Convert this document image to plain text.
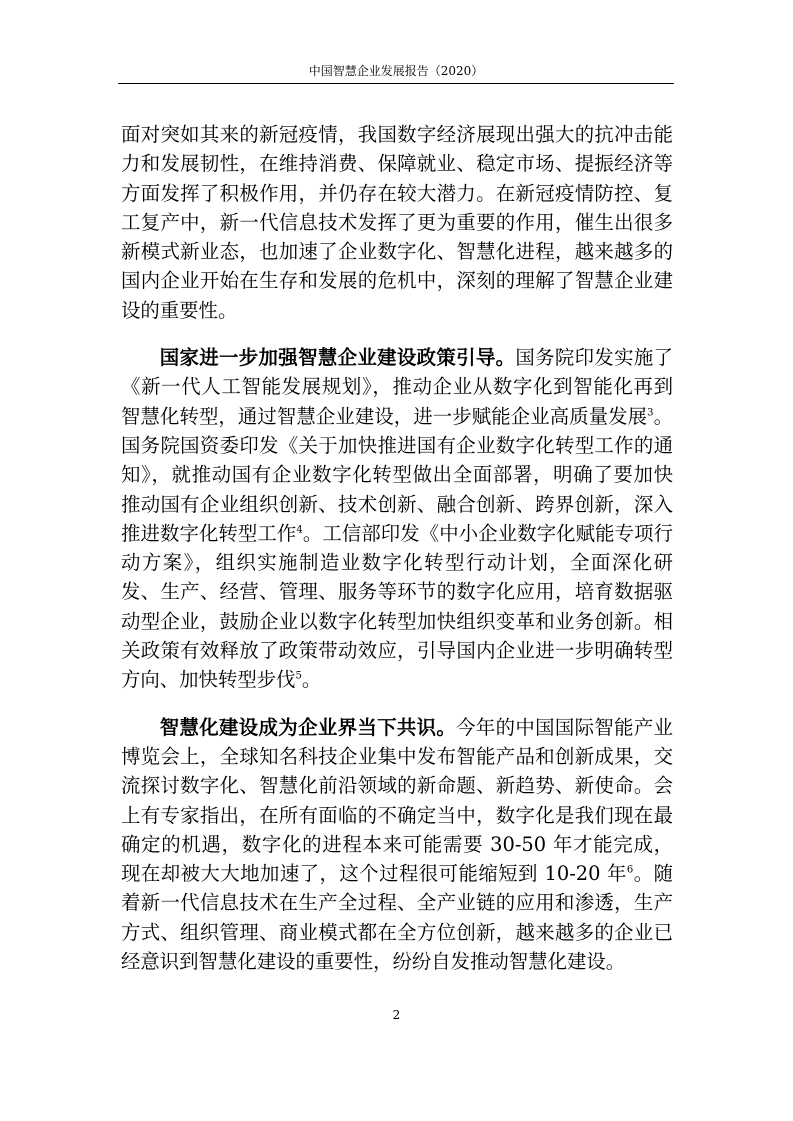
中国智慧企业发展报告（2020）

面对突如其来的新冠疫情，我国数字经济展现出强大的抗冲击能力和发展韧性，在维持消费、保障就业、稳定市场、提振经济等方面发挥了积极作用，并仍存在较大潜力。在新冠疫情防控、复工复产中，新一代信息技术发挥了更为重要的作用，催生出很多新模式新业态，也加速了企业数字化、智慧化进程，越来越多的国内企业开始在生存和发展的危机中，深刻的理解了智慧企业建设的重要性。

国家进一步加强智慧企业建设政策引导。国务院印发实施了《新一代人工智能发展规划》，推动企业从数字化到智能化再到智慧化转型，通过智慧企业建设，进一步赋能企业高质量发展$^3$。国务院国资委印发《关于加快推进国有企业数字化转型工作的通知》，就推动国有企业数字化转型做出全面部署，明确了要加快推动国有企业组织创新、技术创新、融合创新、跨界创新，深入推进数字化转型工作$^4$。工信部印发《中小企业数字化赋能专项行动方案》，组织实施制造业数字化转型行动计划，全面深化研发、生产、经营、管理、服务等环节的数字化应用，培育数据驱动型企业，鼓励企业以数字化转型加快组织变革和业务创新。相关政策有效释放了政策带动效应，引导国内企业进一步明确转型方向、加快转型步伐$^5$。

智慧化建设成为企业界当下共识。今年的中国国际智能产业博览会上，全球知名科技企业集中发布智能产品和创新成果，交流探讨数字化、智慧化前沿领域的新命题、新趋势、新使命。会上有专家指出，在所有面临的不确定当中，数字化是我们现在最确定的机遇，数字化的进程本来可能需要 30-50 年才能完成，现在却被大大地加速了，这个过程很可能缩短到 10-20 年$^6$。随着新一代信息技术在生产全过程、全产业链的应用和渗透，生产方式、组织管理、商业模式都在全方位创新，越来越多的企业已经意识到智慧化建设的重要性，纷纷自发推动智慧化建设。

2
